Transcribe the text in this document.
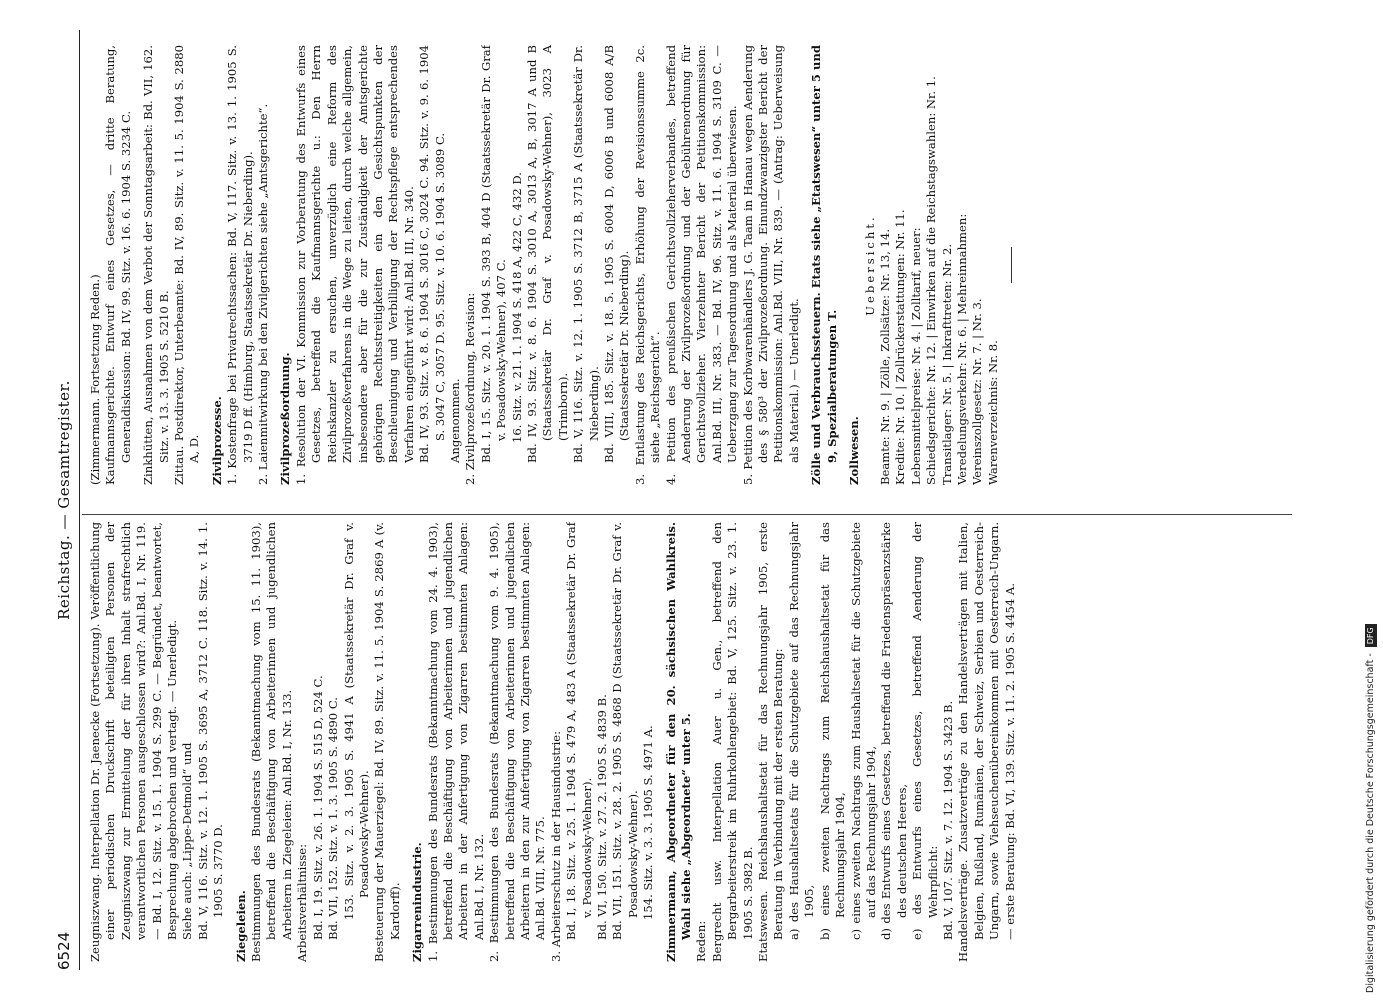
6524
Reichstag. — Gesamtregister.

Zeugniszwang. Interpellation Dr. Jaenecke (Fortsetzung). Veröffentlichung einer periodischen Druckschrift beteiligten Personen der Zeugniszwang zur Ermittelung der für ihren Inhalt strafrechtlich verantwortlichen Personen ausgeschlossen wird?: Anl.Bd. I, Nr. 119. — Bd. I, 12. Sitz. v. 15. 1. 1904 S. 299 C. — Begründet, beantwortet, Besprechung abgebrochen und vertagt. — Unerledigt. Siehe auch: „Lippe-Detmold“ und Bd. V, 116. Sitz. v. 12. 1. 1905 S. 3695 A, 3712 C. 118. Sitz. v. 14. 1. 1905 S. 3770 D.

Ziegeleien. Bestimmungen des Bundesrats (Bekanntmachung vom 15. 11. 1903), betreffend die Beschäftigung von Arbeiterinnen und jugendlichen Arbeitern in Ziegeleien: Anl.Bd. I, Nr. 133. Arbeitsverhältnisse: Bd. I, 19. Sitz. v. 26. 1. 1904 S. 515 D, 524 C. Bd. VII, 152. Sitz. v. 1. 3. 1905 S. 4890 C. 153. Sitz. v. 2. 3. 1905 S. 4941 A (Staatssekretär Dr. Graf v. Posadowsky-Wehner). Besteuerung der Mauerziegel: Bd. IV, 89. Sitz. v. 11. 5. 1904 S. 2869 A (v. Kardorff). Zigarrenindustrie. 1. Bestimmungen des Bundesrats (Bekanntmachung vom 24. 4. 1903), betreffend die Beschäftigung von Arbeiterinnen und jugendlichen Arbeitern in der Anfertigung von Zigarren bestimmten Anlagen: Anl.Bd. I, Nr. 132. 2. Bestimmungen des Bundesrats (Bekanntmachung vom 9. 4. 1905), betreffend die Beschäftigung von Arbeiterinnen und jugendlichen Arbeitern in den zur Anfertigung von Zigarren bestimmten Anlagen: Anl.Bd. VIII, Nr. 775. 3. Arbeiterschutz in der Hausindustrie: Bd. I, 18. Sitz. v. 25. 1. 1904 S. 479 A, 483 A (Staatssekretär Dr. Graf v. Posadowsky-Wehner). Bd. VI, 150. Sitz. v. 27. 2. 1905 S. 4839 B. Bd. VII, 151. Sitz. v. 28. 2. 1905 S. 4868 D (Staatssekretär Dr. Graf v. Posadowsky-Wehner). 154. Sitz. v. 3. 3. 1905 S. 4971 A. Zimmermann, Abgeordneter für den 20. sächsischen Wahlkreis. Wahl siehe „Abgeordnete“ unter 5.

Reden: Bergrecht usw. Interpellation Auer u. Gen., betreffend den Bergarbeiterstreik im Ruhrkohlengebiet: Bd. V, 125. Sitz. v. 23. 1. 1905 S. 3982 B. Etatswesen. Reichshaushaltsetat für das Rechnungsjahr 1905, erste Beratung in Verbindung mit der ersten Beratung: a) des Haushaltsetats für die Schutzgebiete auf das Rechnungsjahr 1905, b) eines zweiten Nachtrags zum Reichshaushaltsetat für das Rechnungsjahr 1904, c) eines zweiten Nachtrags zum Haushaltsetat für die Schutzgebiete auf das Rechnungsjahr 1904, d) des Entwurfs eines Gesetzes, betreffend die Friedenspräsenzstärke des deutschen Heeres, e) des Entwurfs eines Gesetzes, betreffend Aenderung der Wehrpflicht: Bd. V, 107. Sitz. v. 7. 12. 1904 S. 3423 B. Handelsverträge. Zusatzverträge zu den Handelsverträgen mit Italien, Belgien, Rußland, Rumänien, der Schweiz, Serbien und Oesterreich-Ungarn, sowie Viehseuchenübereinkommen mit Oesterreich-Ungarn. — erste Beratung: Bd. VI, 139. Sitz. v. 11. 2. 1905 S. 4454 A.

(Zimmermann. Fortsetzung Reden.) Kaufmannsgerichte. Entwurf eines Gesetzes, — dritte Beratung, Generaldiskussion: Bd. IV, 99. Sitz. v. 16. 6. 1904 S. 3234 C. Zinkhütten, Ausnahmen von dem Verbot der Sonntagsarbeit: Bd. VII, 162. Sitz. v. 13. 3. 1905 S. 5210 B. Zittau. Postdirektor, Unterbeamte: Bd. IV, 89. Sitz. v. 11. 5. 1904 S. 2880 A, D. Zivilprozesse. 1. Kostenfrage bei Privatrechtssachen: Bd. V, 117. Sitz. v. 13. 1. 1905 S. 3719 D ff. (Himburg, Staatssekretär Dr. Nieberding). 2. Laienmitwirkung bei den Zivilgerichten siehe „Amtsgerichte“. Zivilprozeßordnung. 1. Resolution der VI. Kommission zur Vorberatung des Entwurfs eines Gesetzes, betreffend die Kaufmannsgerichte u.: Den Herrn Reichskanzler zu ersuchen, unverzüglich eine Reform des Zivilprozeßverfahrens in die Wege zu leiten, durch welche allgemein, insbesondere aber für die zur Zuständigkeit der Amtsgerichte gehörigen Rechtsstreitigkeiten ein den Gesichtspunkten der Beschleunigung und Verbilligung der Rechtspflege entsprechendes Verfahren eingeführt wird: Anl.Bd. III, Nr. 340. Bd. IV, 93. Sitz. v. 8. 6. 1904 S. 3016 C, 3024 C. 94. Sitz. v. 9. 6. 1904 S. 3047 C, 3057 D. 95. Sitz. v. 10. 6. 1904 S. 3089 C. Angenommen. 2. Zivilprozeßordnung, Revision: Bd. I, 15. Sitz. v. 20. 1. 1904 S. 393 B, 404 D (Staatssekretär Dr. Graf v. Posadowsky-Wehner), 407 C. 16. Sitz. v. 21. 1. 1904 S. 418 A, 422 C, 432 D. Bd. IV, 93. Sitz. v. 8. 6. 1904 S. 3010 A, 3013 A, B, 3017 A und B (Staatssekretär Dr. Graf v. Posadowsky-Wehner), 3023 A (Trimborn). Bd. V, 116. Sitz. v. 12. 1. 1905 S. 3712 B, 3715 A (Staatssekretär Dr. Nieberding). Bd. VIII, 185. Sitz. v. 18. 5. 1905 S. 6004 D, 6006 B und 6008 A/B (Staatssekretär Dr. Nieberding). 3. Entlastung des Reichsgerichts, Erhöhung der Revisionssumme 2c. siehe „Reichsgericht“. 4. Petition des preußischen Gerichtsvollzieherverbandes, betreffend Aenderung der Zivilprozeßordnung und der Gebührenordnung für Gerichtsvollzieher. Vierzehnter Bericht der Petitionskommission: Anl.Bd. III, Nr. 383. — Bd. IV, 96. Sitz. v. 11. 6. 1904 S. 3109 C. — Ueberzgang zur Tagesordnung und als Material überwiesen. 5. Petition des Korbwarenhändlers J. G. Taam in Hanau wegen Aenderung des § 580³ der Zivilprozeßordnung. Einundzwanzigster Bericht der Petitionskommission: Anl.Bd. VIII, Nr. 839. — (Antrag: Ueberweisung als Material.) — Unerledigt. Zölle und Verbrauchssteuern. Etats siehe „Etatswesen“ unter 5 und 9, Spezialberatungen T. Zollwesen.

Uebersicht. Beamte: Nr. 9. | Zölle, Zollsätze: Nr. 13, 14. Kredite: Nr. 10. | Zollrückerstattungen: Nr. 11. Lebensmittelpreise: Nr. 4. | Zolltarif, neuer: Schiedsgerichte: Nr. 12. | Einwirken auf die Reichstagswahlen: Nr. 1. Transitlager: Nr. 5. | Inkrafttreten: Nr. 2. Veredelungsverkehr: Nr. 6. | Mehreinnahmen: Vereinszollgesetz: Nr. 7. | Nr. 3. Warenverzeichnis: Nr. 8.

Digitalisierung gefördert durch die Deutsche Forschungsgemeinschaft -DFG
